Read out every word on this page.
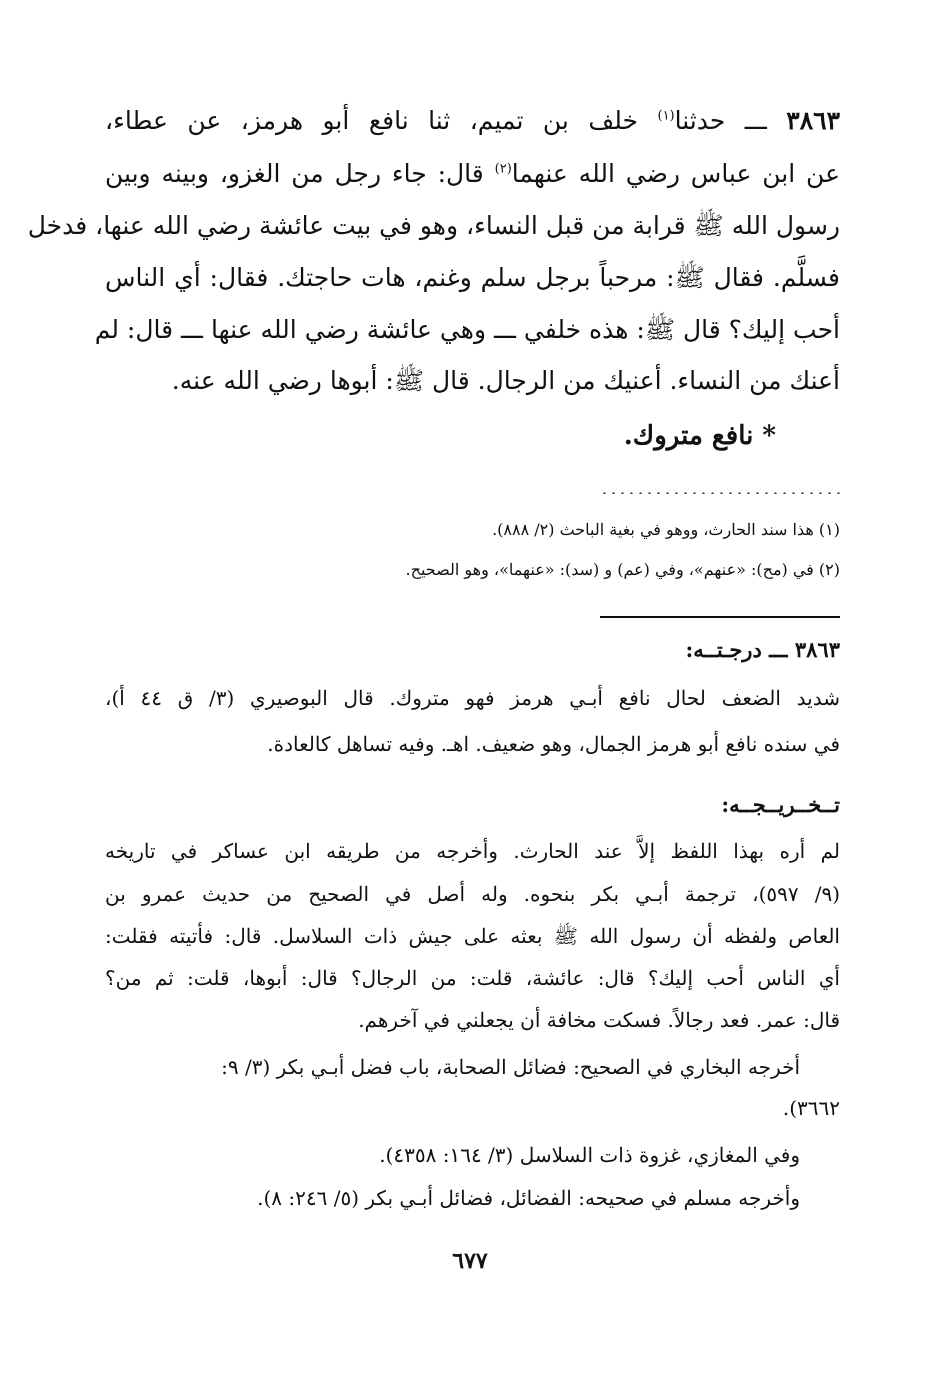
٣٨٦٣ ـــ حدثنا$^{(١)}$ خلف بن تميم، ثنا نافع أبو هرمز، عن عطاء،
عن ابن عباس رضي الله عنهما$^{(٢)}$ قال: جاء رجل من الغزو، وبينه وبين
رسول الله ﷺ قرابة من قبل النساء، وهو في بيت عائشة رضي الله عنها، فدخل
فسلَّم. فقال ﷺ: مرحباً برجل سلم وغنم، هات حاجتك. فقال: أي الناس
أحب إليك؟ قال ﷺ: هذه خلفي ـــ وهي عائشة رضي الله عنها ـــ قال: لم
أعنك من النساء. أعنيك من الرجال. قال ﷺ: أبوها رضي الله عنه.
* نافع متروك.
(١) هذا سند الحارث، ووهو في بغية الباحث (٢/ ٨٨٨).
(٢) في (مح): «عنهم»، وفي (عم) و (سد): «عنهما»، وهو الصحيح.
٣٨٦٣ ـــ درجـتــه:
شديد الضعف لحال نافع أبـي هرمز فهو متروك. قال البوصيري (٣/ ق ٤٤ أ)،
في سنده نافع أبو هرمز الجمال، وهو ضعيف. اهـ. وفيه تساهل كالعادة.
تــخــريــجــه:
لم أره بهذا اللفظ إلاَّ عند الحارث. وأخرجه من طريقه ابن عساكر في تاريخه
(٩/ ٥٩٧)، ترجمة أبـي بكر بنحوه. وله أصل في الصحيح من حديث عمرو بن
العاص ولفظه أن رسول الله ﷺ بعثه على جيش ذات السلاسل. قال: فأتيته فقلت:
أي الناس أحب إليك؟ قال: عائشة، قلت: من الرجال؟ قال: أبوها، قلت: ثم من؟
قال: عمر. فعد رجالاً. فسكت مخافة أن يجعلني في آخرهم.
أخرجه البخاري في الصحيح: فضائل الصحابة، باب فضل أبـي بكر (٣/ ٩:
٣٦٦٢).
وفي المغازي، غزوة ذات السلاسل (٣/ ١٦٤: ٤٣٥٨).
وأخرجه مسلم في صحيحه: الفضائل، فضائل أبـي بكر (٥/ ٢٤٦: ٨).
٦٧٧
